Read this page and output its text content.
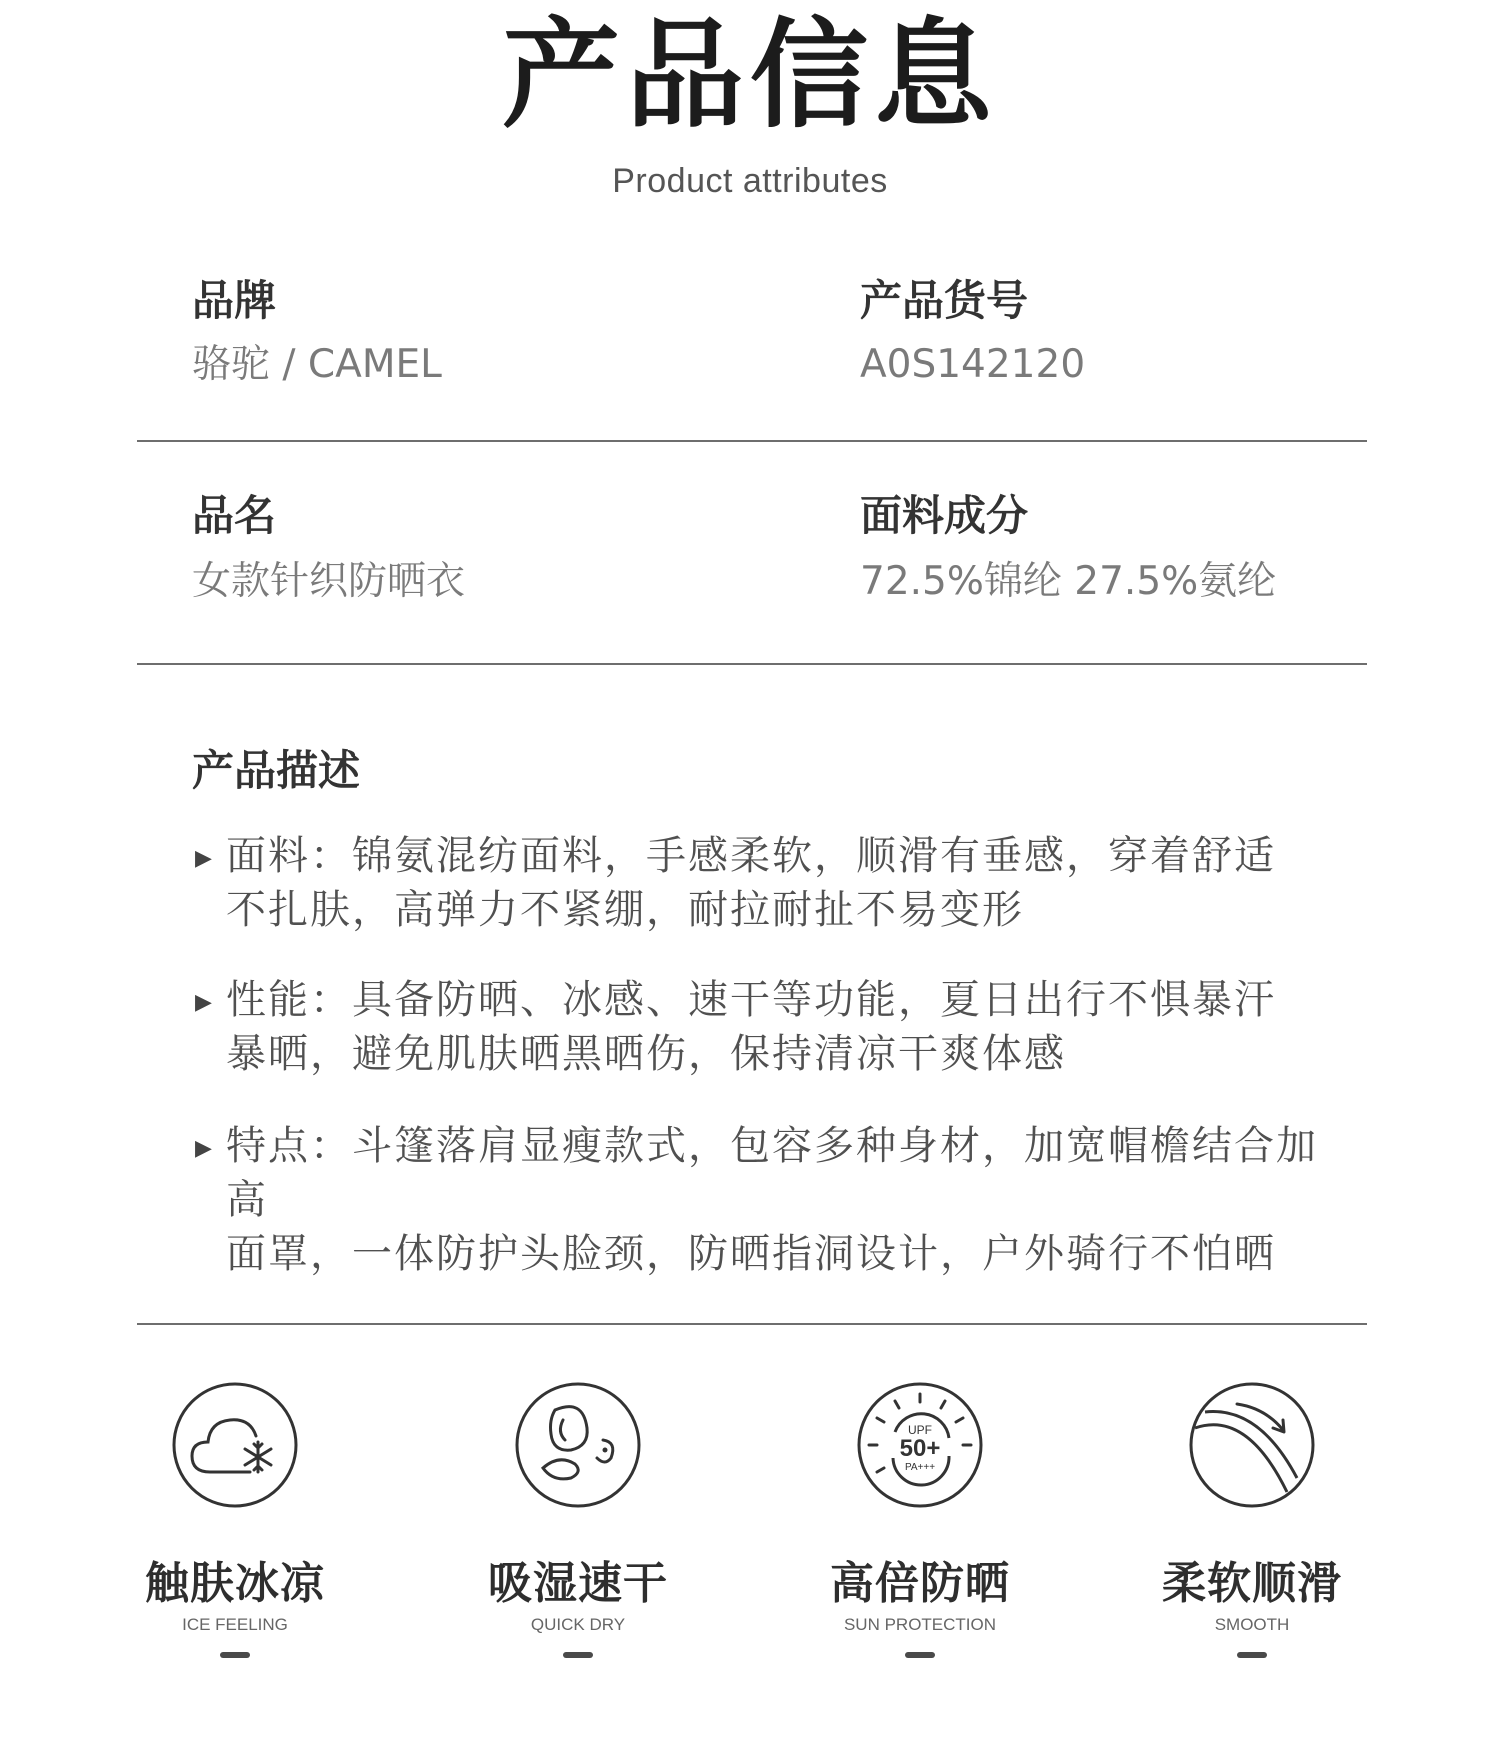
产品信息
Product attributes
品牌
骆驼 / CAMEL
产品货号
A0S142120
品名
女款针织防晒衣
面料成分
72.5%锦纶 27.5%氨纶
产品描述
▶ 面料：锦氨混纺面料，手感柔软，顺滑有垂感，穿着舒适
不扎肤，高弹力不紧绷，耐拉耐扯不易变形
▶ 性能：具备防晒、冰感、速干等功能，夏日出行不惧暴汗
暴晒，避免肌肤晒黑晒伤，保持清凉干爽体感
▶ 特点：斗篷落肩显瘦款式，包容多种身材，加宽帽檐结合加高
面罩，一体防护头脸颈，防晒指洞设计，户外骑行不怕晒
触肤冰凉
ICE FEELING
吸湿速干
QUICK DRY
UPF
50+
PA+++
高倍防晒
SUN PROTECTION
柔软顺滑
SMOOTH
